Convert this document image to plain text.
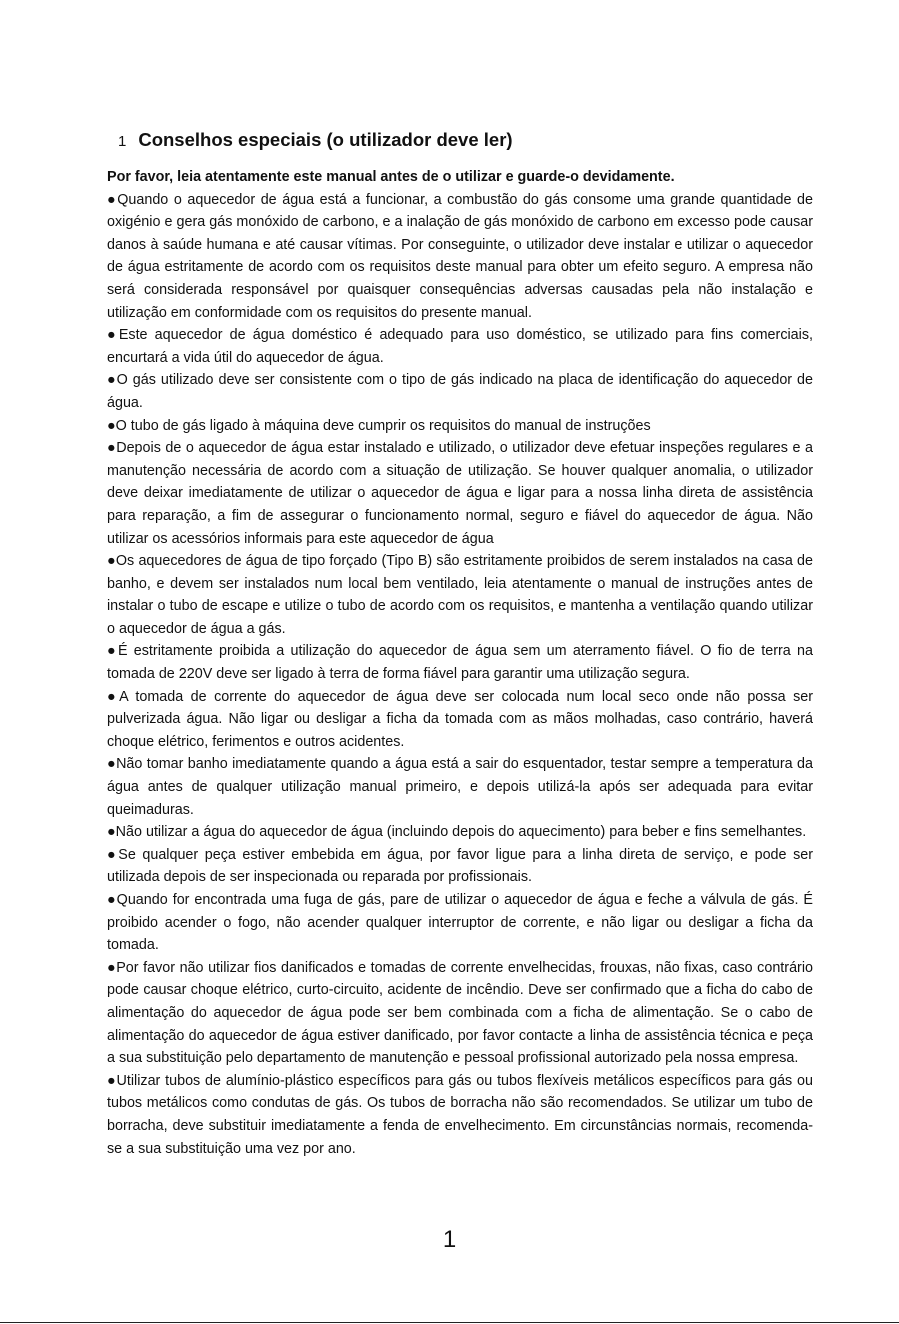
1 Conselhos especiais (o utilizador deve ler)

Por favor, leia atentamente este manual antes de o utilizar e guarde-o devidamente.

●Quando o aquecedor de água está a funcionar, a combustão do gás consome uma grande quantidade de oxigénio e gera gás monóxido de carbono, e a inalação de gás monóxido de carbono em excesso pode causar danos à saúde humana e até causar vítimas. Por conseguinte, o utilizador deve instalar e utilizar o aquecedor de água estritamente de acordo com os requisitos deste manual para obter um efeito seguro. A empresa não será considerada responsável por quaisquer consequências adversas causadas pela não instalação e utilização em conformidade com os requisitos do presente manual.

●Este aquecedor de água doméstico é adequado para uso doméstico, se utilizado para fins comerciais, encurtará a vida útil do aquecedor de água.

●O gás utilizado deve ser consistente com o tipo de gás indicado na placa de identificação do aquecedor de água.

●O tubo de gás ligado à máquina deve cumprir os requisitos do manual de instruções

●Depois de o aquecedor de água estar instalado e utilizado, o utilizador deve efetuar inspeções regulares e a manutenção necessária de acordo com a situação de utilização. Se houver qualquer anomalia, o utilizador deve deixar imediatamente de utilizar o aquecedor de água e ligar para a nossa linha direta de assistência para reparação, a fim de assegurar o funcionamento normal, seguro e fiável do aquecedor de água. Não utilizar os acessórios informais para este aquecedor de água

●Os aquecedores de água de tipo forçado (Tipo B) são estritamente proibidos de serem instalados na casa de banho, e devem ser instalados num local bem ventilado, leia atentamente o manual de instruções antes de instalar o tubo de escape e utilize o tubo de acordo com os requisitos, e mantenha a ventilação quando utilizar o aquecedor de água a gás.

●É estritamente proibida a utilização do aquecedor de água sem um aterramento fiável. O fio de terra na tomada de 220V deve ser ligado à terra de forma fiável para garantir uma utilização segura.

●A tomada de corrente do aquecedor de água deve ser colocada num local seco onde não possa ser pulverizada água. Não ligar ou desligar a ficha da tomada com as mãos molhadas, caso contrário, haverá choque elétrico, ferimentos e outros acidentes.

●Não tomar banho imediatamente quando a água está a sair do esquentador, testar sempre a temperatura da água antes de qualquer utilização manual primeiro, e depois utilizá-la após ser adequada para evitar queimaduras.

●Não utilizar a água do aquecedor de água (incluindo depois do aquecimento) para beber e fins semelhantes.

●Se qualquer peça estiver embebida em água, por favor ligue para a linha direta de serviço, e pode ser utilizada depois de ser inspecionada ou reparada por profissionais.

●Quando for encontrada uma fuga de gás, pare de utilizar o aquecedor de água e feche a válvula de gás. É proibido acender o fogo, não acender qualquer interruptor de corrente, e não ligar ou desligar a ficha da tomada.

●Por favor não utilizar fios danificados e tomadas de corrente envelhecidas, frouxas, não fixas, caso contrário pode causar choque elétrico, curto-circuito, acidente de incêndio. Deve ser confirmado que a ficha do cabo de alimentação do aquecedor de água pode ser bem combinada com a ficha de alimentação. Se o cabo de alimentação do aquecedor de água estiver danificado, por favor contacte a linha de assistência técnica e peça a sua substituição pelo departamento de manutenção e pessoal profissional autorizado pela nossa empresa.

●Utilizar tubos de alumínio-plástico específicos para gás ou tubos flexíveis metálicos específicos para gás ou tubos metálicos como condutas de gás. Os tubos de borracha não são recomendados. Se utilizar um tubo de borracha, deve substituir imediatamente a fenda de envelhecimento. Em circunstâncias normais, recomenda-se a sua substituição uma vez por ano.

1
